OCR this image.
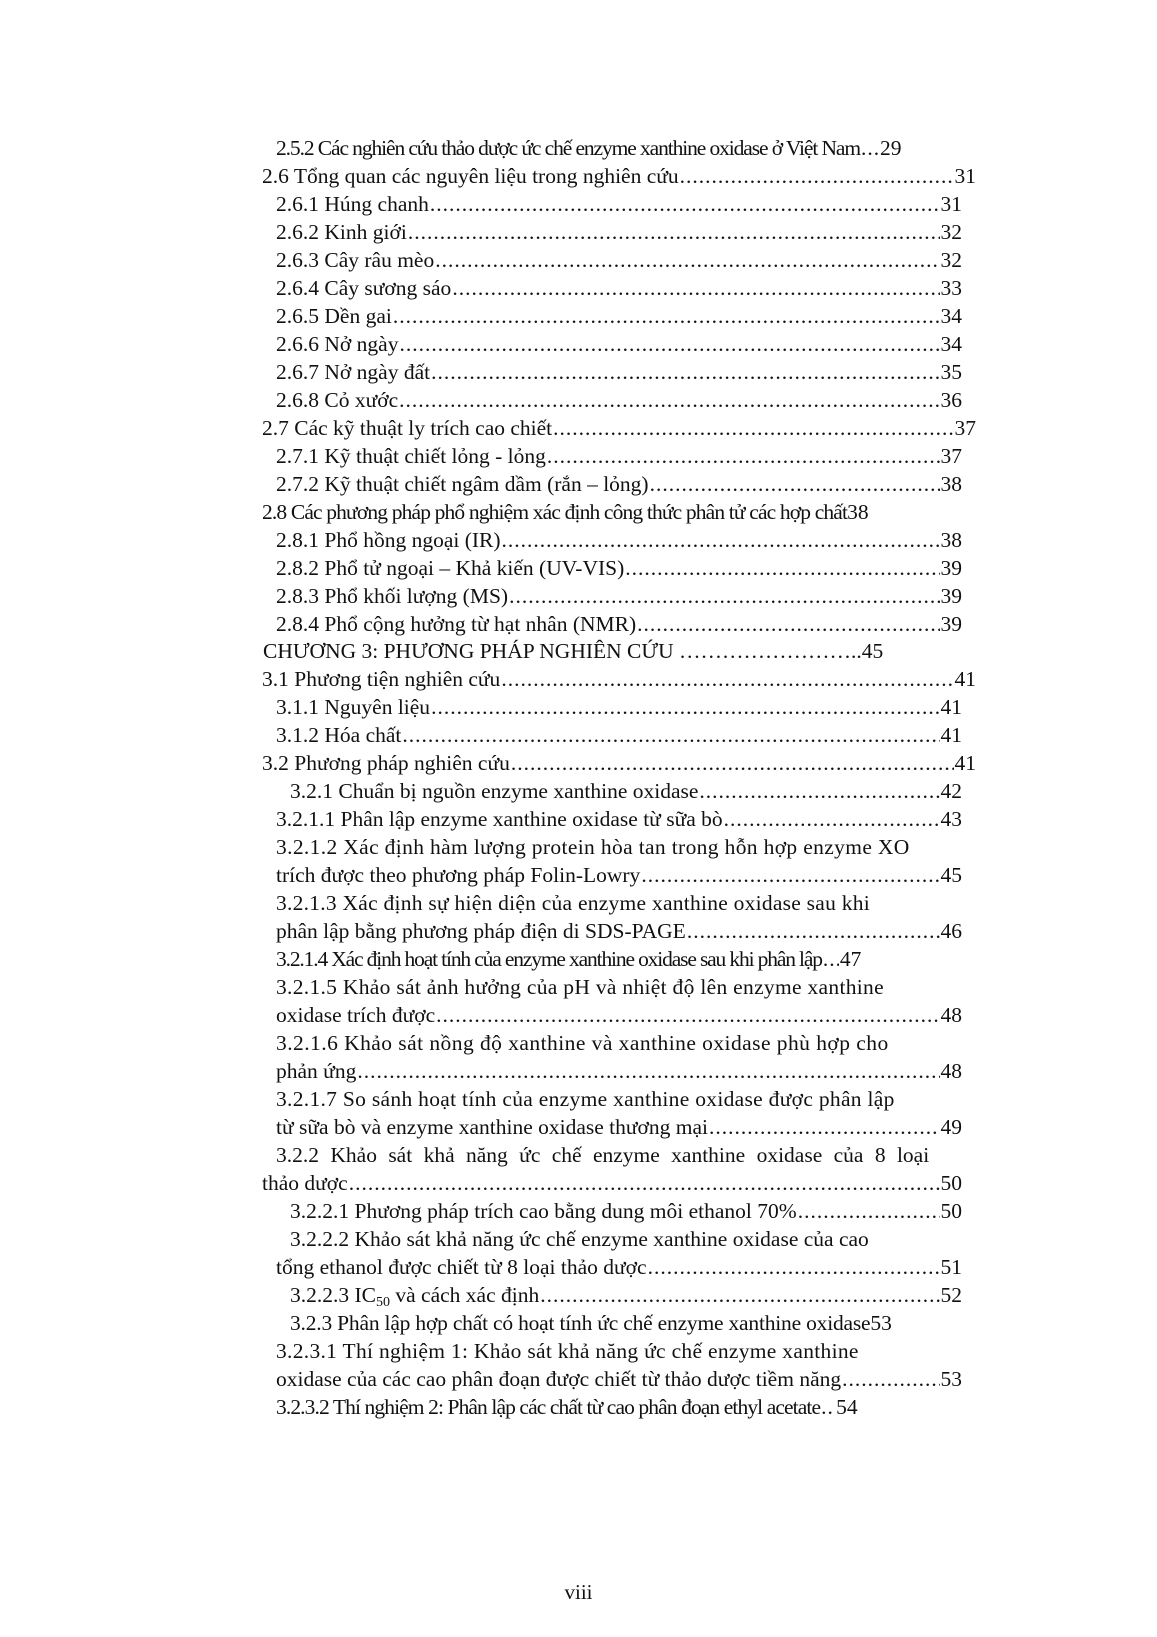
2.5.2 Các nghiên cứu thảo dược ức chế enzyme xanthine oxidase ở Việt Nam ..... 29
2.6 Tổng quan các nguyên liệu trong nghiên cứu .....	31
2.6.1 Húng chanh .....	31
2.6.2 Kinh giới .....	32
2.6.3 Cây râu mèo .....	32
2.6.4 Cây sương sáo .....	33
2.6.5 Dền gai .....	34
2.6.6 Nở ngày .....	34
2.6.7 Nở ngày đất .....	35
2.6.8 Cỏ xước .....	36
2.7 Các kỹ thuật ly trích cao chiết .....	37
2.7.1 Kỹ thuật chiết lỏng - lỏng .....	37
2.7.2 Kỹ thuật chiết ngâm dầm (rắn – lỏng) .....	38
2.8 Các phương pháp phổ nghiệm xác định công thức phân tử các hợp chất 38
2.8.1 Phổ hồng ngoại (IR) .....	38
2.8.2 Phổ tử ngoại – Khả kiến (UV-VIS) .....	39
2.8.3 Phổ khối lượng (MS) .....	39
2.8.4 Phổ cộng hưởng từ hạt nhân (NMR) .....	39
CHƯƠNG 3: PHƯƠNG PHÁP NGHIÊN CỨU ……………………..45
3.1 Phương tiện nghiên cứu .....	41
3.1.1 Nguyên liệu .....	41
3.1.2 Hóa chất .....	41
3.2 Phương pháp nghiên cứu .....	41
3.2.1 Chuẩn bị nguồn enzyme xanthine oxidase .....	42
3.2.1.1 Phân lập enzyme xanthine oxidase từ sữa bò .....	43
3.2.1.2 Xác định hàm lượng protein hòa tan trong hỗn hợp enzyme XO
trích được theo phương pháp Folin-Lowry .....	45
3.2.1.3 Xác định sự hiện diện của enzyme xanthine oxidase sau khi
phân lập bằng phương pháp điện di SDS-PAGE .....	46
3.2.1.4 Xác định hoạt tính của enzyme xanthine oxidase sau khi phân lập ..... 47
3.2.1.5 Khảo sát ảnh hưởng của pH và nhiệt độ lên enzyme xanthine
oxidase trích được .....	48
3.2.1.6 Khảo sát nồng độ xanthine và xanthine oxidase phù hợp cho
phản ứng .....	48
3.2.1.7 So sánh hoạt tính của enzyme xanthine oxidase được phân lập
từ sữa bò và enzyme xanthine oxidase thương mại .....	49
3.2.2 Khảo sát khả năng ức chế enzyme xanthine oxidase của 8 loại
thảo dược .....	50
3.2.2.1 Phương pháp trích cao bằng dung môi ethanol 70% .....	50
3.2.2.2 Khảo sát khả năng ức chế enzyme xanthine oxidase của cao
tổng ethanol được chiết từ 8 loại thảo dược .....	51
3.2.2.3 $IC_{50}$ và cách xác định .....	52
3.2.3 Phân lập hợp chất có hoạt tính ức chế enzyme xanthine oxidase 53
3.2.3.1 Thí nghiệm 1: Khảo sát khả năng ức chế enzyme xanthine
oxidase của các cao phân đoạn được chiết từ thảo dược tiềm năng .....	53
3.2.3.2 Thí nghiệm 2: Phân lập các chất từ cao phân đoạn ethyl acetate ..... 54
viii
